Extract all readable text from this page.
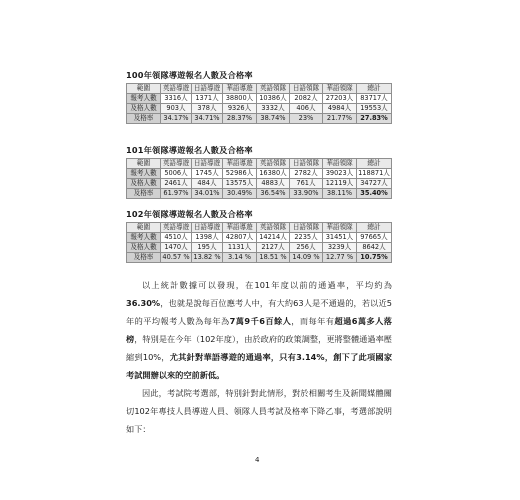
100年領隊導遊報名人數及合格率
範圍	英語導遊	日語導遊	華語導遊	英語領隊	日語領隊	華語領隊	總計
報考人數	3316人	1371人	38800人	10386人	2082人	27203人	83717人
及格人數	903人	378人	9326人	3332人	406人	4984人	19553人
及格率	34.17%	34.71%	28.37%	38.74%	23%	21.77%	27.83%
101年領隊導遊報名人數及合格率
範圍	英語導遊	日語導遊	華語導遊	英語領隊	日語領隊	華語領隊	總計
報考人數	5006人	1745人	52986人	16380人	2782人	39023人	118871人
及格人數	2461人	484人	13575人	4883人	761人	12119人	34727人
及格率	61.97%	34.01%	30.49%	36.54%	33.90%	38.11%	35.40%
102年領隊導遊報名人數及合格率
範圍	英語導遊	日語導遊	華語導遊	英語領隊	日語領隊	華語領隊	總計
報考人數	4510人	1398人	42807人	14214人	2235人	31451人	97665人
及格人數	1470人	195人	1131人	2127人	256人	3239人	8642人
及格率	40.57 %	13.82 %	3.14 %	18.51 %	14.09 %	12.77 %	10.75%
以上統計數據可以發現，在101年度以前的通過率，平均約為36.30%，也就是說每百位應考人中，有大約63人是不通過的，若以近5年的平均報考人數為每年為7萬9千6百餘人，而每年有超過6萬多人落榜，特別是在今年（102年度），由於政府的政策調整，更將整體通過率壓縮到10%，尤其針對華語導遊的通過率，只有3.14%，創下了此項國家考試開辦以來的空前新低。
因此，考試院考選部，特別針對此情形，對於相關考生及新聞媒體關切102年專技人員導遊人員、領隊人員考試及格率下降乙事，考選部說明如下：
4
